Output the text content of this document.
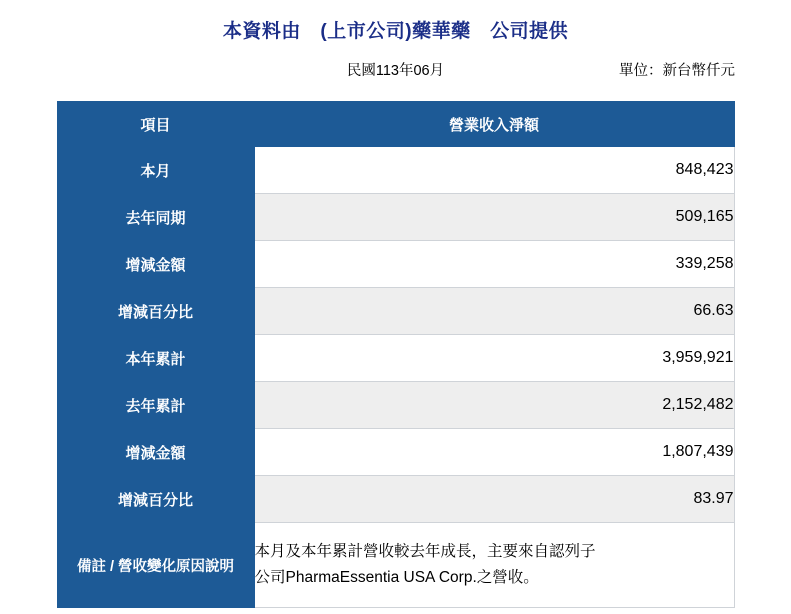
本資料由　(上市公司)藥華藥　公司提供
民國113年06月	單位：新台幣仟元
項目	營業收入淨額
本月	848,423
去年同期	509,165
增減金額	339,258
增減百分比	66.63
本年累計	3,959,921
去年累計	2,152,482
增減金額	1,807,439
增減百分比	83.97
備註 / 營收變化原因說明	本月及本年累計營收較去年成長，主要來自認列子
公司PharmaEssentia USA Corp.之營收。
